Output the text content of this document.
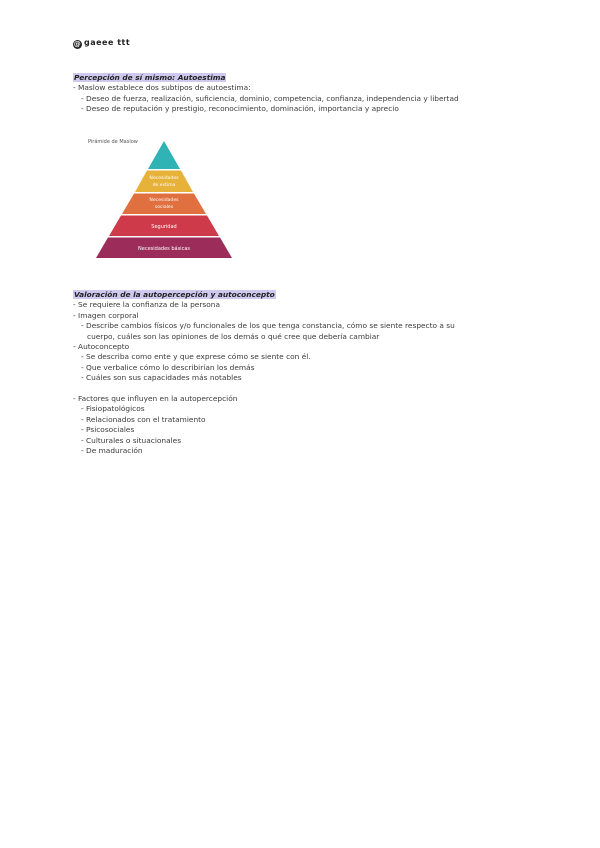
@ gaeee ttt
Percepción de sí mismo: Autoestima
- Maslow establece dos subtipos de autoestima:
- Deseo de fuerza, realización, suficiencia, dominio, competencia, confianza, independencia y libertad
- Deseo de reputación y prestigio, reconocimiento, dominación, importancia y aprecio
Pirámide de Maslow
Necesidades
de estima
Necesidades
sociales
Seguridad
Necesidades básicas
Valoración de la autopercepción y autoconcepto
- Se requiere la confianza de la persona
- Imagen corporal
- Describe cambios físicos y/o funcionales de los que tenga constancia, cómo se siente respecto a su
cuerpo, cuáles son las opiniones de los demás o qué cree que debería cambiar
- Autoconcepto
- Se describa como ente y que exprese cómo se siente con él.
- Que verbalice cómo lo describirían los demás
- Cuáles son sus capacidades más notables
- Factores que influyen en la autopercepción
- Fisiopatológicos
- Relacionados con el tratamiento
- Psicosociales
- Culturales o situacionales
- De maduración
